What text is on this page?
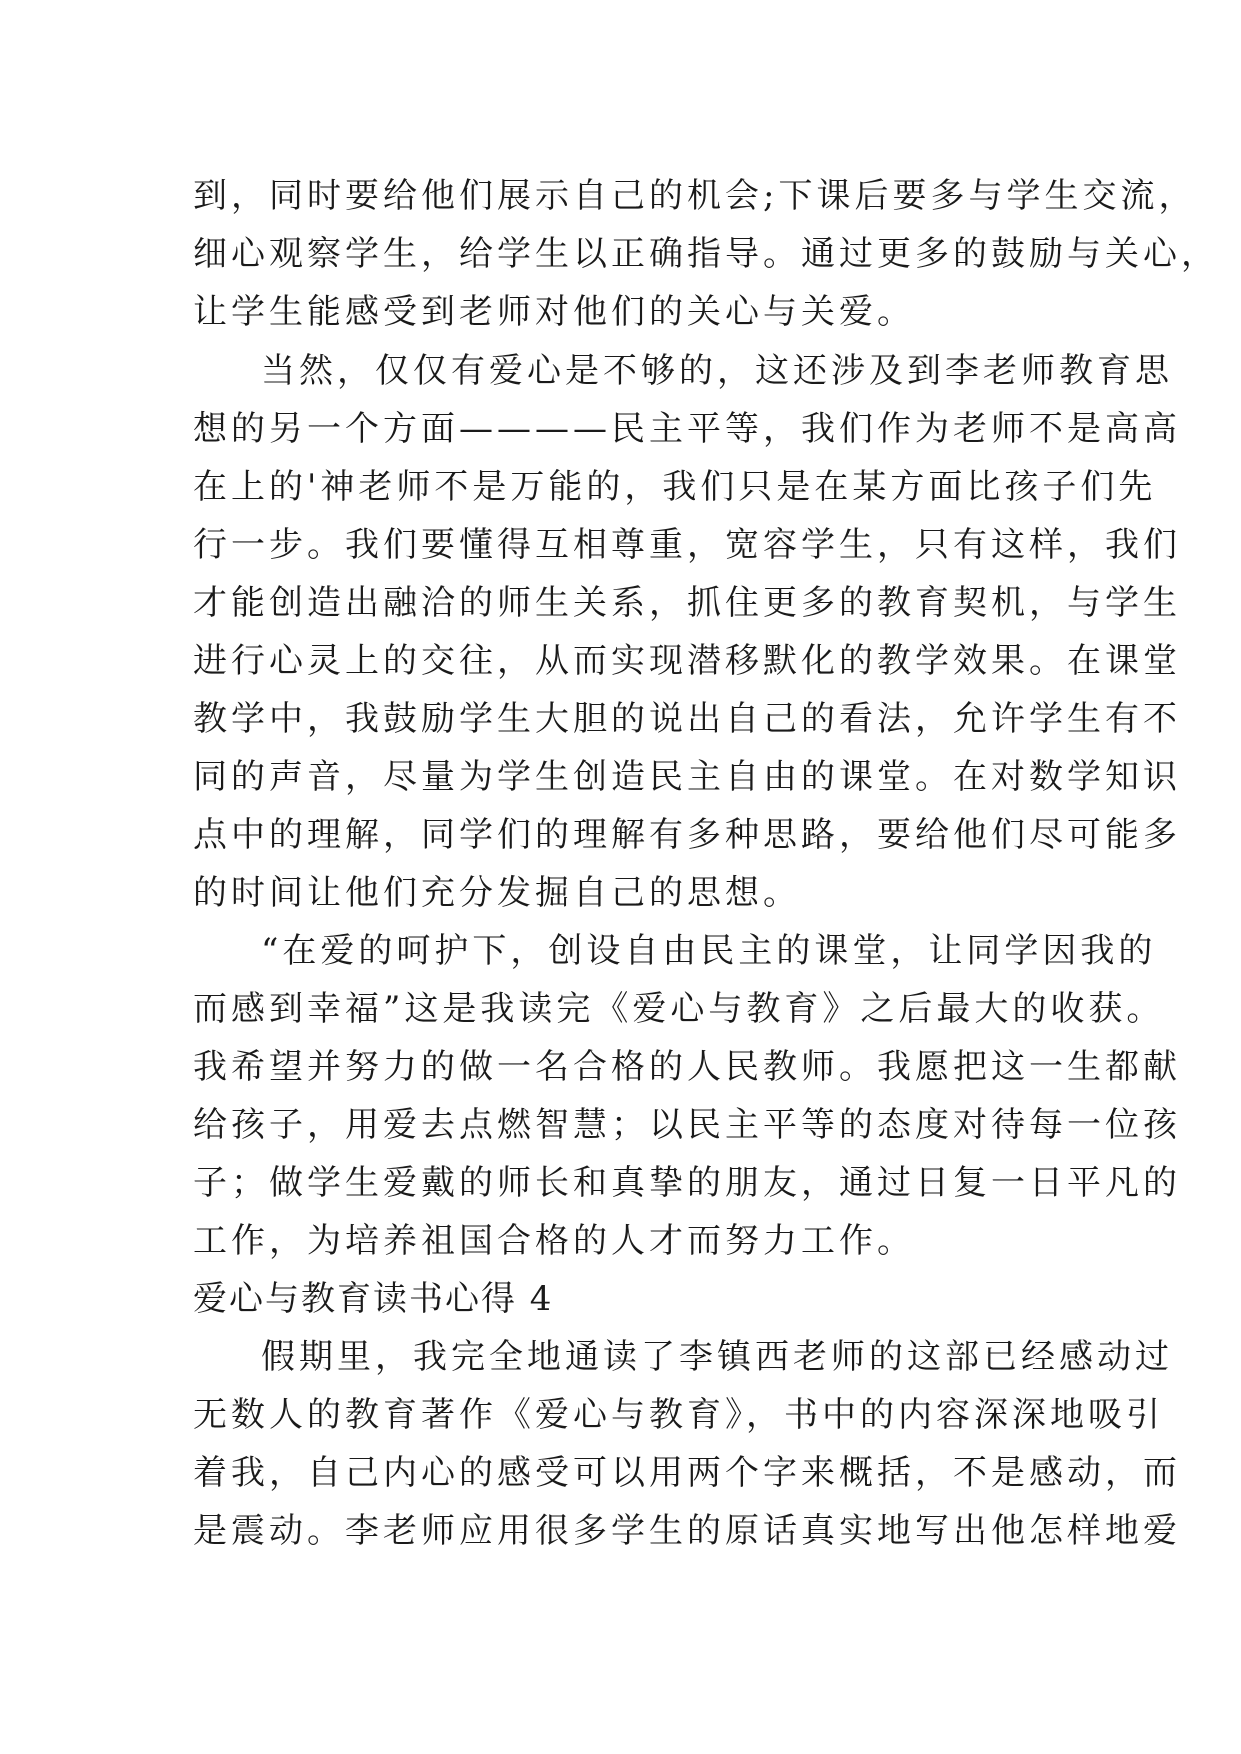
到，同时要给他们展示自己的机会;下课后要多与学生交流，
细心观察学生，给学生以正确指导。通过更多的鼓励与关心，
让学生能感受到老师对他们的关心与关爱。
当然，仅仅有爱心是不够的，这还涉及到李老师教育思
想的另一个方面————民主平等，我们作为老师不是高高
在上的'神老师不是万能的，我们只是在某方面比孩子们先
行一步。我们要懂得互相尊重，宽容学生，只有这样，我们
才能创造出融洽的师生关系，抓住更多的教育契机，与学生
进行心灵上的交往，从而实现潜移默化的教学效果。在课堂
教学中，我鼓励学生大胆的说出自己的看法，允许学生有不
同的声音，尽量为学生创造民主自由的课堂。在对数学知识
点中的理解，同学们的理解有多种思路，要给他们尽可能多
的时间让他们充分发掘自己的思想。
“在爱的呵护下，创设自由民主的课堂，让同学因我的
而感到幸福”这是我读完《爱心与教育》之后最大的收获。
我希望并努力的做一名合格的人民教师。我愿把这一生都献
给孩子，用爱去点燃智慧；以民主平等的态度对待每一位孩
子；做学生爱戴的师长和真挚的朋友，通过日复一日平凡的
工作，为培养祖国合格的人才而努力工作。
爱心与教育读书心得 4
假期里，我完全地通读了李镇西老师的这部已经感动过
无数人的教育著作《爱心与教育》，书中的内容深深地吸引
着我，自己内心的感受可以用两个字来概括，不是感动，而
是震动。李老师应用很多学生的原话真实地写出他怎样地爱
